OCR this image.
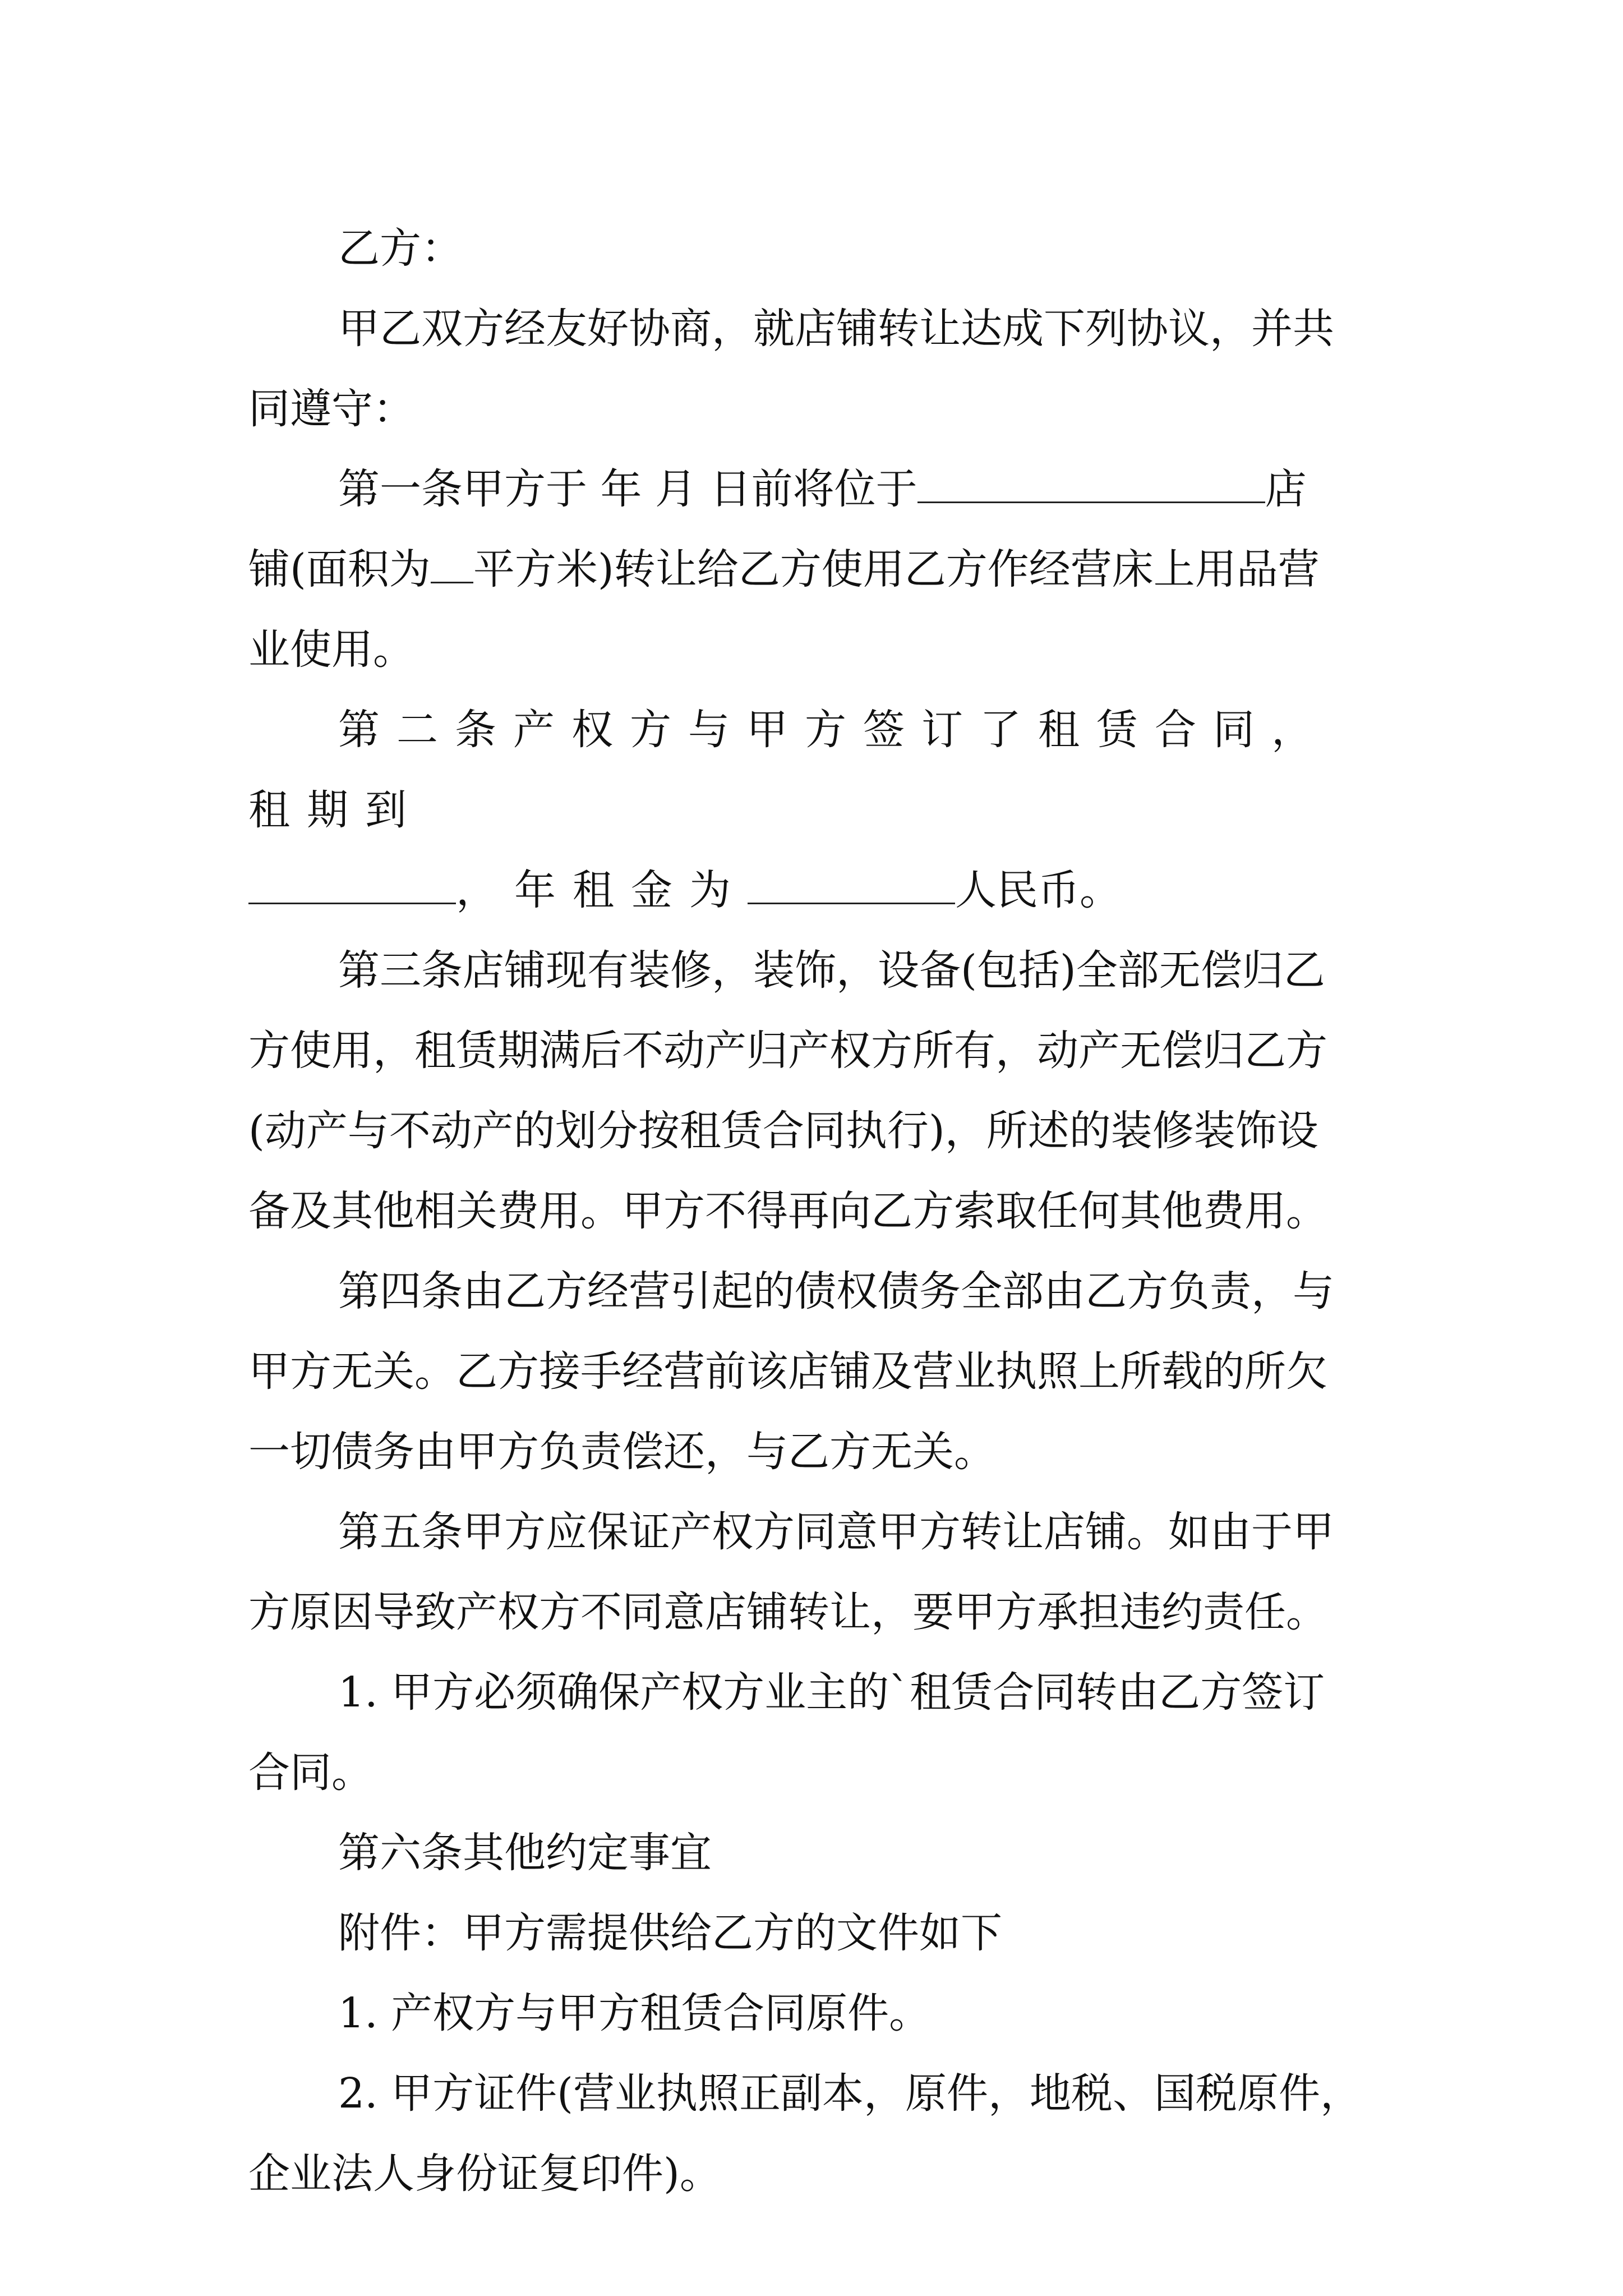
乙方：

甲乙双方经友好协商，就店铺转让达成下列协议，并共
同遵守：

第一条甲方于 年 月 日前将位于	店
铺(面积为 平方米)转让给乙方使用乙方作经营床上用品营
业使用。

第二条产权方与甲方签订了租赁合同，租期到
，年租金为	人民币。

第三条店铺现有装修，装饰，设备(包括)全部无偿归乙
方使用，租赁期满后不动产归产权方所有，动产无偿归乙方
(动产与不动产的划分按租赁合同执行)，所述的装修装饰设
备及其他相关费用。甲方不得再向乙方索取任何其他费用。

第四条由乙方经营引起的债权债务全部由乙方负责，与
甲方无关。乙方接手经营前该店铺及营业执照上所载的所欠
一切债务由甲方负责偿还，与乙方无关。

第五条甲方应保证产权方同意甲方转让店铺。如由于甲
方原因导致产权方不同意店铺转让，要甲方承担违约责任。

1. 甲方必须确保产权方业主的`租赁合同转由乙方签订
合同。

第六条其他约定事宜

附件：甲方需提供给乙方的文件如下

1. 产权方与甲方租赁合同原件。

2. 甲方证件(营业执照正副本，原件，地税、国税原件，
企业法人身份证复印件)。
